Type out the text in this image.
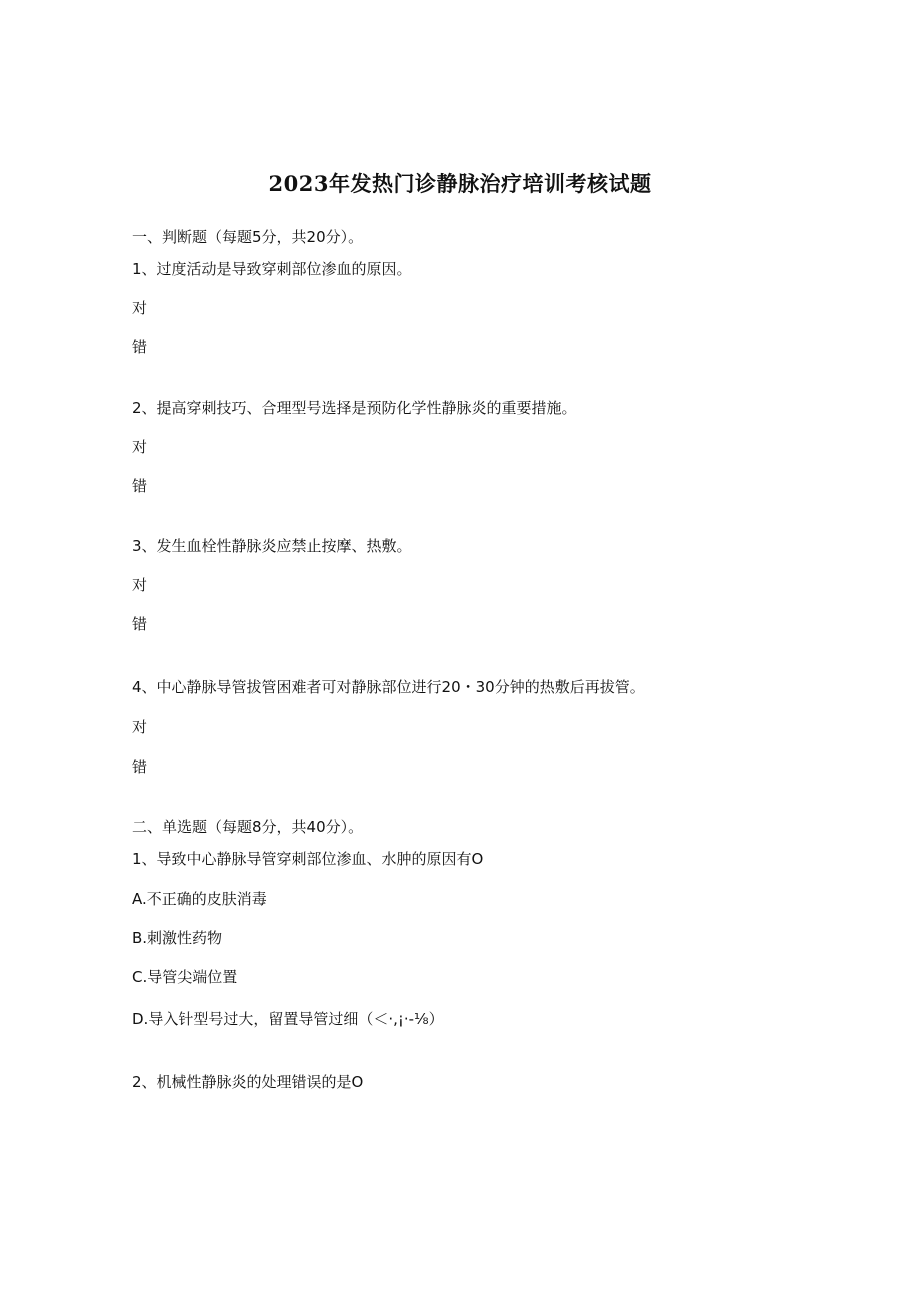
2023年发热门诊静脉治疗培训考核试题
一、判断题（每题5分，共20分）。
1、过度活动是导致穿刺部位渗血的原因。
对
错
2、提高穿刺技巧、合理型号选择是预防化学性静脉炎的重要措施。
对
错
3、发生血栓性静脉炎应禁止按摩、热敷。
对
错
4、中心静脉导管拔管困难者可对静脉部位进行20・30分钟的热敷后再拔管。
对
错
二、单选题（每题8分，共40分）。
1、导致中心静脉导管穿刺部位渗血、水肿的原因有O
A.不正确的皮肤消毒
B.刺激性药物
C.导管尖端位置
D.导入针型号过大，留置导管过细（＜·,¡·-⅛）
2、机械性静脉炎的处理错误的是O
